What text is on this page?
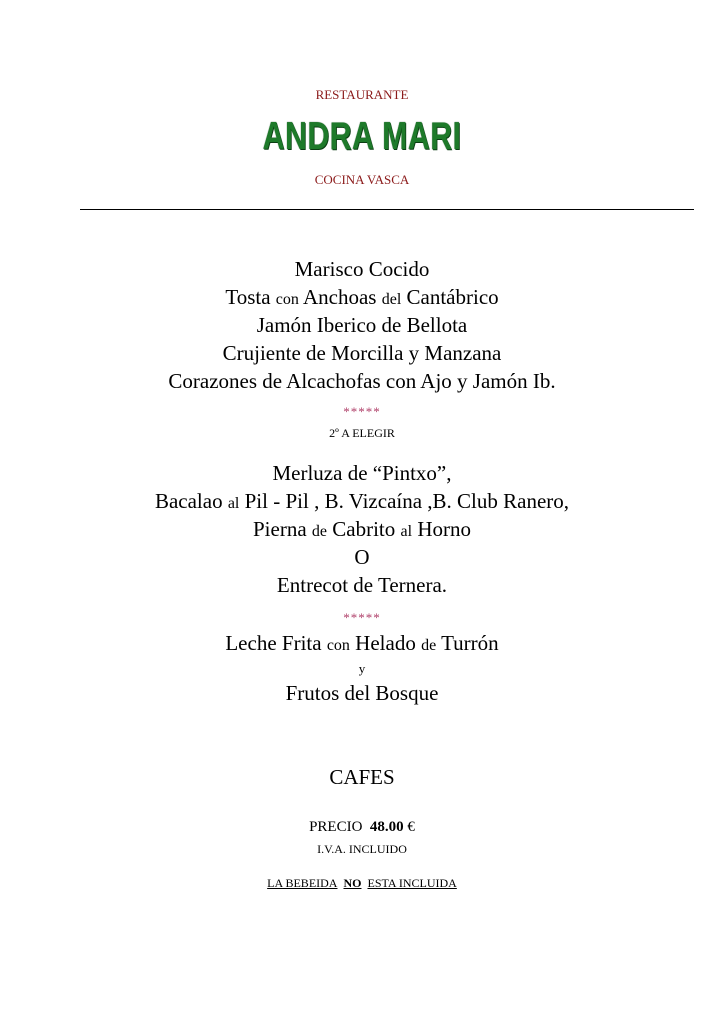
RESTAURANTE
ANDRA MARI
COCINA VASCA
Marisco Cocido
Tosta con Anchoas del Cantábrico
Jamón Iberico de Bellota
Crujiente de Morcilla y Manzana
Corazones de Alcachofas con Ajo y Jamón Ib.
*****
2º A ELEGIR
Merluza de “Pintxo”,
Bacalao al Pil - Pil , B. Vizcaína ,B. Club Ranero,
Pierna de Cabrito al Horno
O
Entrecot de Ternera.
*****
Leche Frita con Helado de Turrón
y
Frutos del Bosque
CAFES
PRECIO 48.00 €
I.V.A. INCLUIDO
LA BEBEIDA NO ESTA INCLUIDA
